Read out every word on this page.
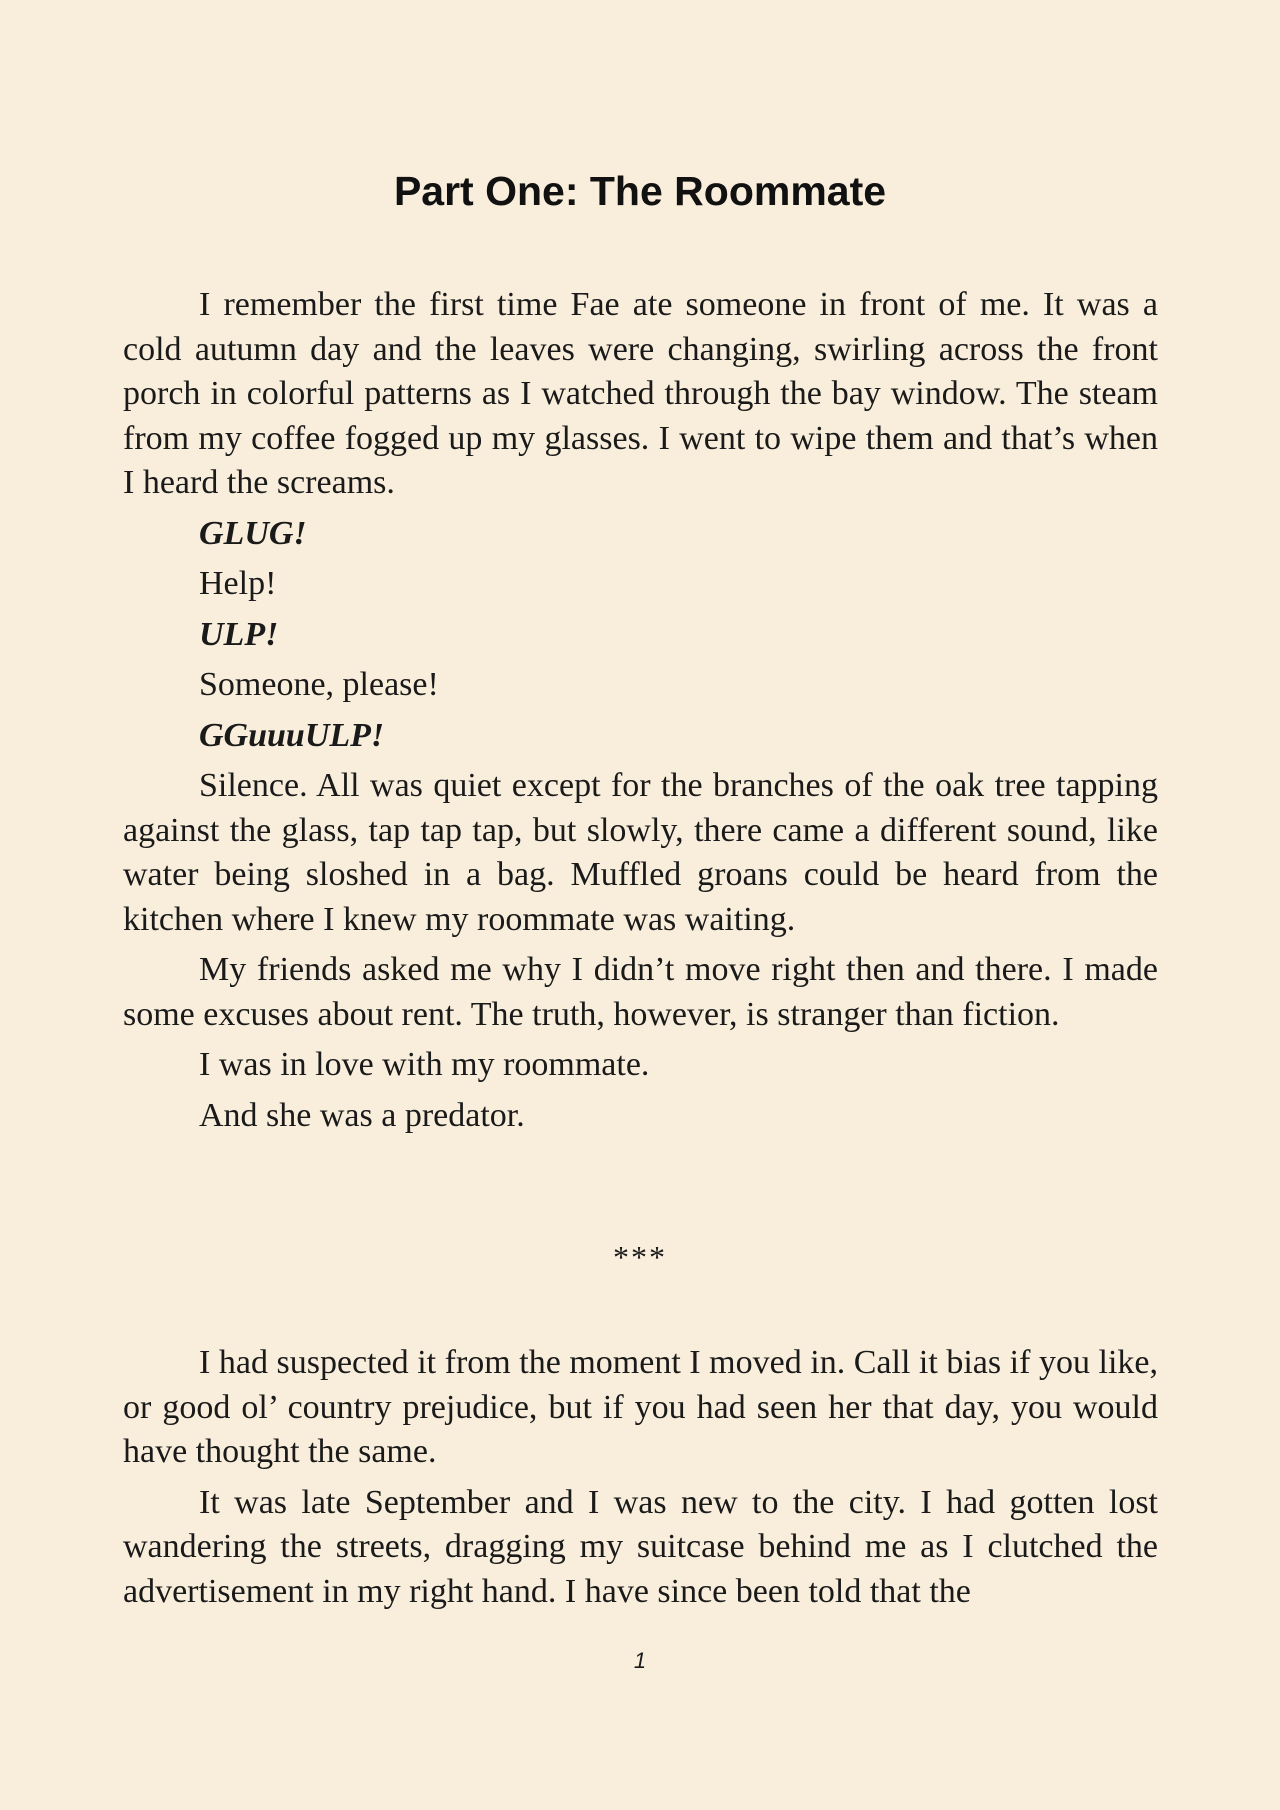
Part One: The Roommate

I remember the first time Fae ate someone in front of me. It was a cold autumn day and the leaves were changing, swirling across the front porch in colorful patterns as I watched through the bay window. The steam from my coffee fogged up my glasses. I went to wipe them and that’s when I heard the screams.

GLUG!

Help!

ULP!

Someone, please!

GGuuuULP!

Silence. All was quiet except for the branches of the oak tree tapping against the glass, tap tap tap, but slowly, there came a different sound, like water being sloshed in a bag. Muffled groans could be heard from the kitchen where I knew my roommate was waiting.

My friends asked me why I didn’t move right then and there. I made some excuses about rent. The truth, however, is stranger than fiction.

I was in love with my roommate.

And she was a predator.

***

I had suspected it from the moment I moved in. Call it bias if you like, or good ol’ country prejudice, but if you had seen her that day, you would have thought the same.

It was late September and I was new to the city. I had gotten lost wandering the streets, dragging my suitcase behind me as I clutched the advertisement in my right hand. I have since been told that the

1
